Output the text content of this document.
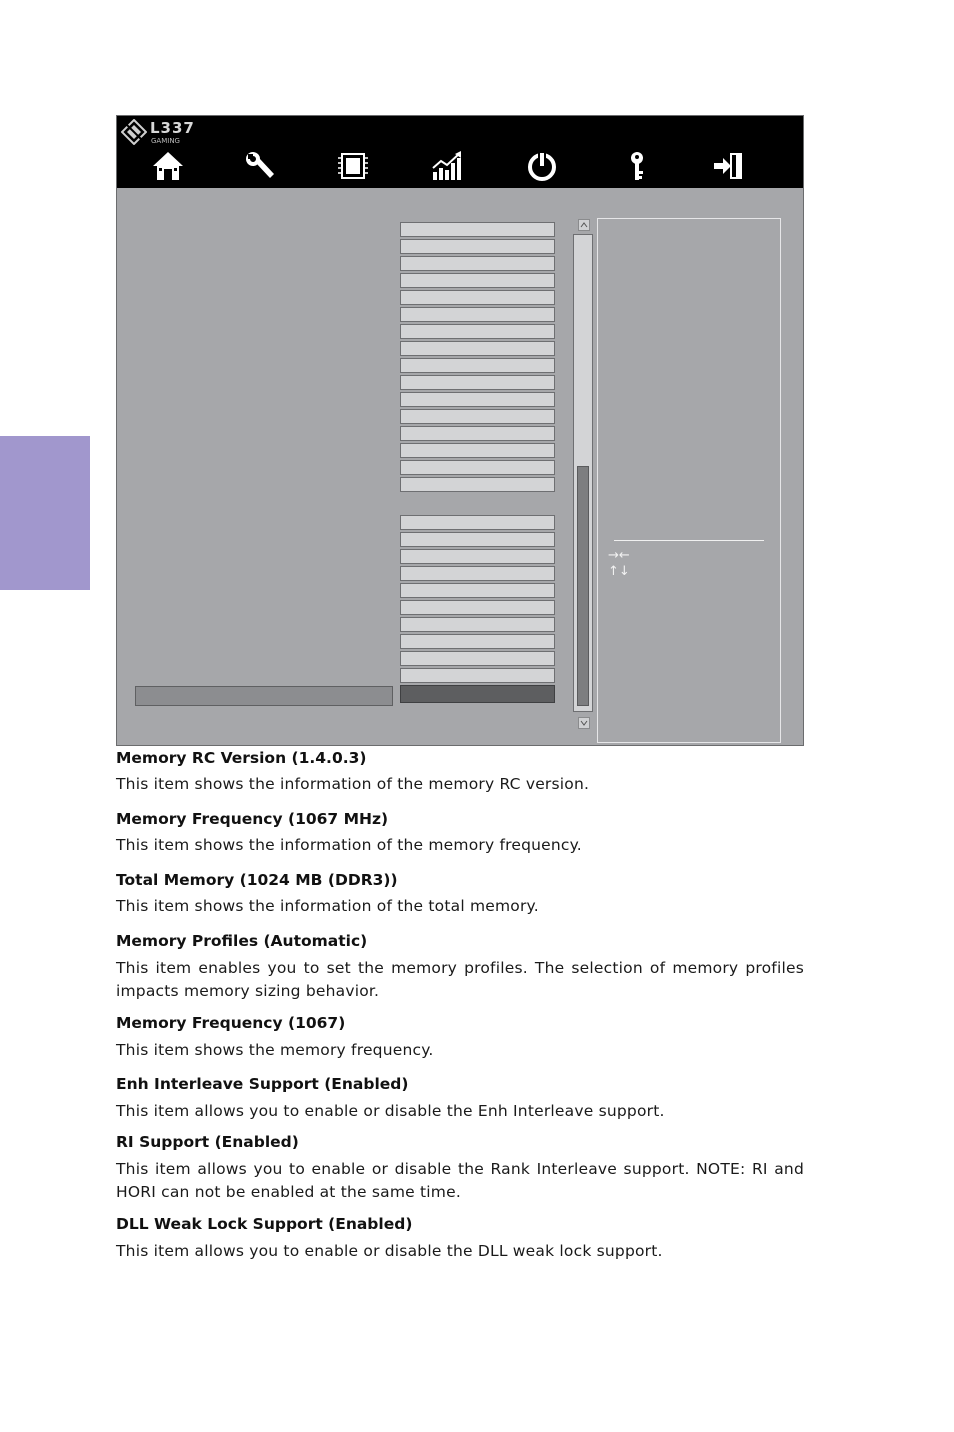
L337
GAMING
→←
↑↓
Memory RC Version (1.4.0.3)
This item shows the information of the memory RC version.
Memory Frequency (1067 MHz)
This item shows the information of the memory frequency.
Total Memory (1024 MB (DDR3))
This item shows the information of the total memory.
Memory Profiles (Automatic)
This item enables you to set the memory profiles. The selection of memory profiles impacts memory sizing behavior.
Memory Frequency (1067)
This item shows the memory frequency.
Enh Interleave Support (Enabled)
This item allows you to enable or disable the Enh Interleave support.
RI Support (Enabled)
This item allows you to enable or disable the Rank Interleave support. NOTE: RI and HORI can not be enabled at the same time.
DLL Weak Lock Support (Enabled)
This item allows you to enable or disable the DLL weak lock support.
